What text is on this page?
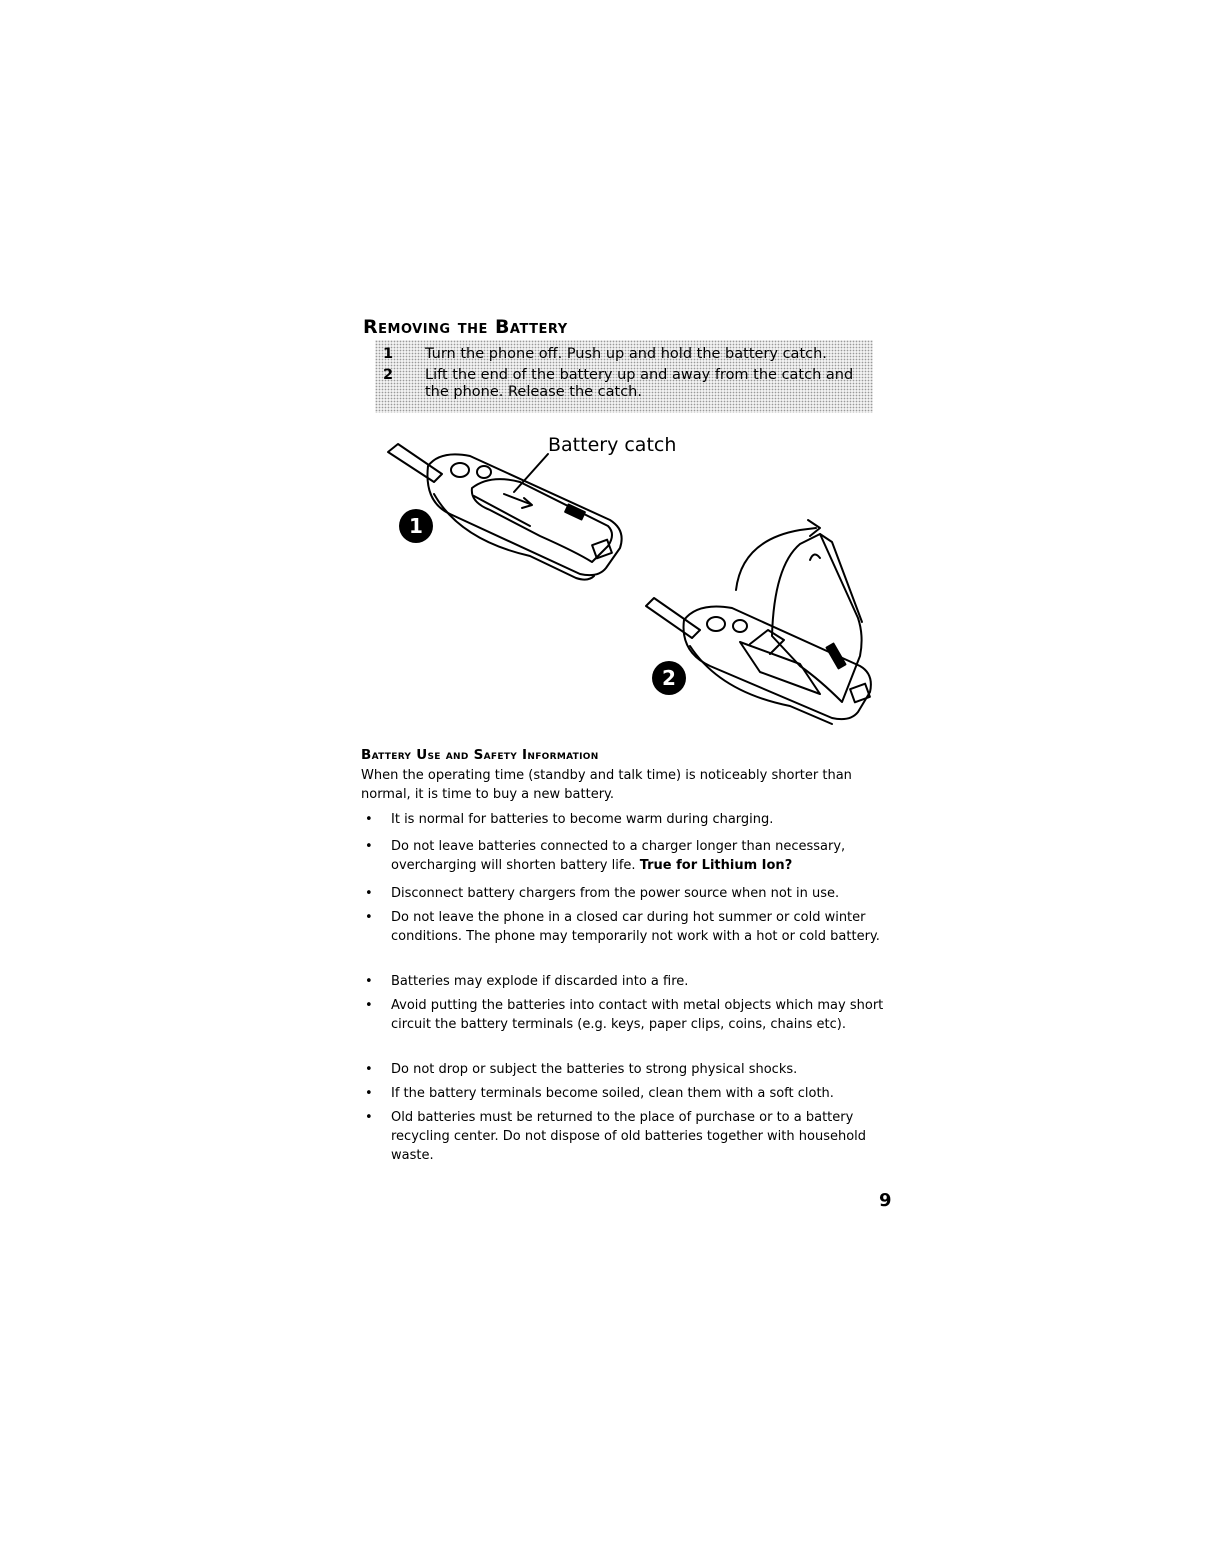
Removing the Battery
1 Turn the phone off. Push up and hold the battery catch.
2 Lift the end of the battery up and away from the catch and the phone. Release the catch.
1
2
Battery catch
Battery Use and Safety Information
When the operating time (standby and talk time) is noticeably shorter than normal, it is time to buy a new battery.
• It is normal for batteries to become warm during charging.
• Do not leave batteries connected to a charger longer than necessary, overcharging will shorten battery life. True for Lithium Ion?
• Disconnect battery chargers from the power source when not in use.
• Do not leave the phone in a closed car during hot summer or cold winter conditions. The phone may temporarily not work with a hot or cold battery.
• Batteries may explode if discarded into a fire.
• Avoid putting the batteries into contact with metal objects which may short circuit the battery terminals (e.g. keys, paper clips, coins, chains etc).
• Do not drop or subject the batteries to strong physical shocks.
• If the battery terminals become soiled, clean them with a soft cloth.
• Old batteries must be returned to the place of purchase or to a battery recycling center. Do not dispose of old batteries together with household waste.
9
